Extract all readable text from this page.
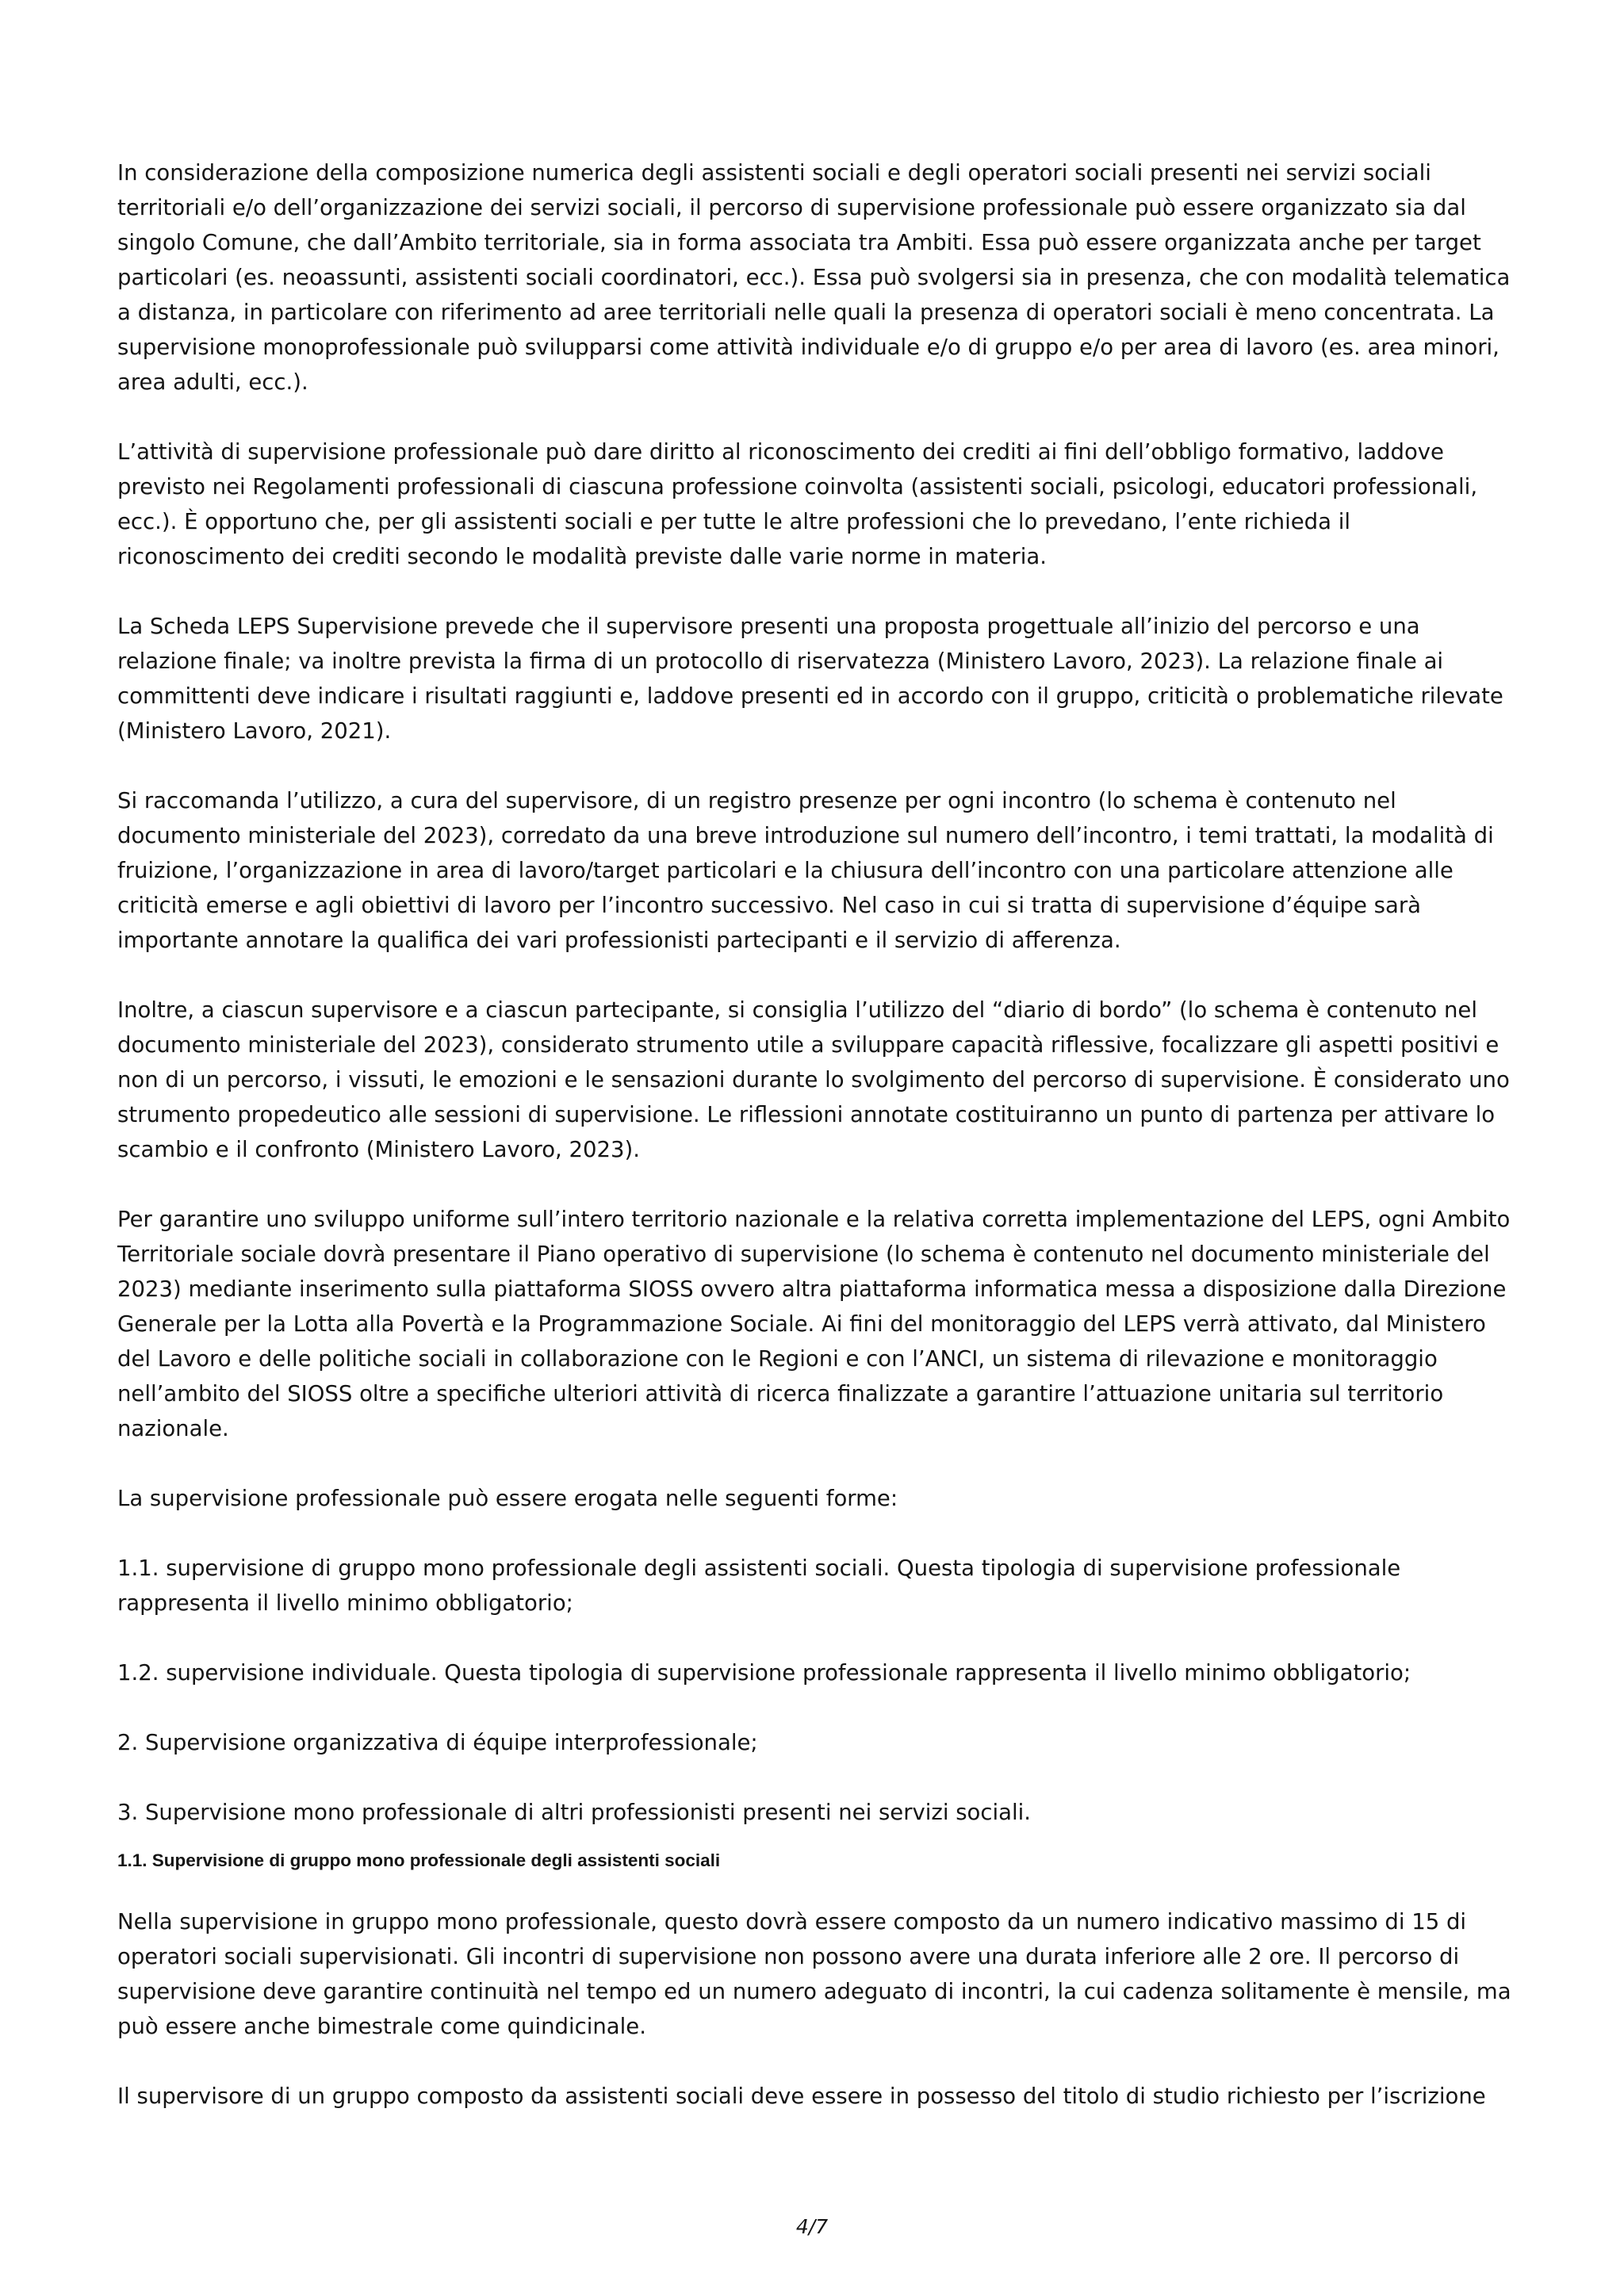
In considerazione della composizione numerica degli assistenti sociali e degli operatori sociali presenti nei servizi sociali territoriali e/o dell’organizzazione dei servizi sociali, il percorso di supervisione professionale può essere organizzato sia dal singolo Comune, che dall’Ambito territoriale, sia in forma associata tra Ambiti. Essa può essere organizzata anche per target particolari (es. neoassunti, assistenti sociali coordinatori, ecc.). Essa può svolgersi sia in presenza, che con modalità telematica a distanza, in particolare con riferimento ad aree territoriali nelle quali la presenza di operatori sociali è meno concentrata. La supervisione monoprofessionale può svilupparsi come attività individuale e/o di gruppo e/o per area di lavoro (es. area minori, area adulti, ecc.).

L’attività di supervisione professionale può dare diritto al riconoscimento dei crediti ai fini dell’obbligo formativo, laddove previsto nei Regolamenti professionali di ciascuna professione coinvolta (assistenti sociali, psicologi, educatori professionali, ecc.). È opportuno che, per gli assistenti sociali e per tutte le altre professioni che lo prevedano, l’ente richieda il riconoscimento dei crediti secondo le modalità previste dalle varie norme in materia.

La Scheda LEPS Supervisione prevede che il supervisore presenti una proposta progettuale all’inizio del percorso e una relazione finale; va inoltre prevista la firma di un protocollo di riservatezza (Ministero Lavoro, 2023). La relazione finale ai committenti deve indicare i risultati raggiunti e, laddove presenti ed in accordo con il gruppo, criticità o problematiche rilevate (Ministero Lavoro, 2021).

Si raccomanda l’utilizzo, a cura del supervisore, di un registro presenze per ogni incontro (lo schema è contenuto nel documento ministeriale del 2023), corredato da una breve introduzione sul numero dell’incontro, i temi trattati, la modalità di fruizione, l’organizzazione in area di lavoro/target particolari e la chiusura dell’incontro con una particolare attenzione alle criticità emerse e agli obiettivi di lavoro per l’incontro successivo. Nel caso in cui si tratta di supervisione d’équipe sarà importante annotare la qualifica dei vari professionisti partecipanti e il servizio di afferenza.

Inoltre, a ciascun supervisore e a ciascun partecipante, si consiglia l’utilizzo del “diario di bordo” (lo schema è contenuto nel documento ministeriale del 2023), considerato strumento utile a sviluppare capacità riflessive, focalizzare gli aspetti positivi e non di un percorso, i vissuti, le emozioni e le sensazioni durante lo svolgimento del percorso di supervisione. È considerato uno strumento propedeutico alle sessioni di supervisione. Le riflessioni annotate costituiranno un punto di partenza per attivare lo scambio e il confronto (Ministero Lavoro, 2023).

Per garantire uno sviluppo uniforme sull’intero territorio nazionale e la relativa corretta implementazione del LEPS, ogni Ambito Territoriale sociale dovrà presentare il Piano operativo di supervisione (lo schema è contenuto nel documento ministeriale del 2023) mediante inserimento sulla piattaforma SIOSS ovvero altra piattaforma informatica messa a disposizione dalla Direzione Generale per la Lotta alla Povertà e la Programmazione Sociale. Ai fini del monitoraggio del LEPS verrà attivato, dal Ministero del Lavoro e delle politiche sociali in collaborazione con le Regioni e con l’ANCI, un sistema di rilevazione e monitoraggio nell’ambito del SIOSS oltre a specifiche ulteriori attività di ricerca finalizzate a garantire l’attuazione unitaria sul territorio nazionale.

La supervisione professionale può essere erogata nelle seguenti forme:

1.1. supervisione di gruppo mono professionale degli assistenti sociali. Questa tipologia di supervisione professionale rappresenta il livello minimo obbligatorio;

1.2. supervisione individuale. Questa tipologia di supervisione professionale rappresenta il livello minimo obbligatorio;

2. Supervisione organizzativa di équipe interprofessionale;

3. Supervisione mono professionale di altri professionisti presenti nei servizi sociali.

1.1. Supervisione di gruppo mono professionale degli assistenti sociali

Nella supervisione in gruppo mono professionale, questo dovrà essere composto da un numero indicativo massimo di 15 di operatori sociali supervisionati. Gli incontri di supervisione non possono avere una durata inferiore alle 2 ore. Il percorso di supervisione deve garantire continuità nel tempo ed un numero adeguato di incontri, la cui cadenza solitamente è mensile, ma può essere anche bimestrale come quindicinale.

Il supervisore di un gruppo composto da assistenti sociali deve essere in possesso del titolo di studio richiesto per l’iscrizione

4/7
